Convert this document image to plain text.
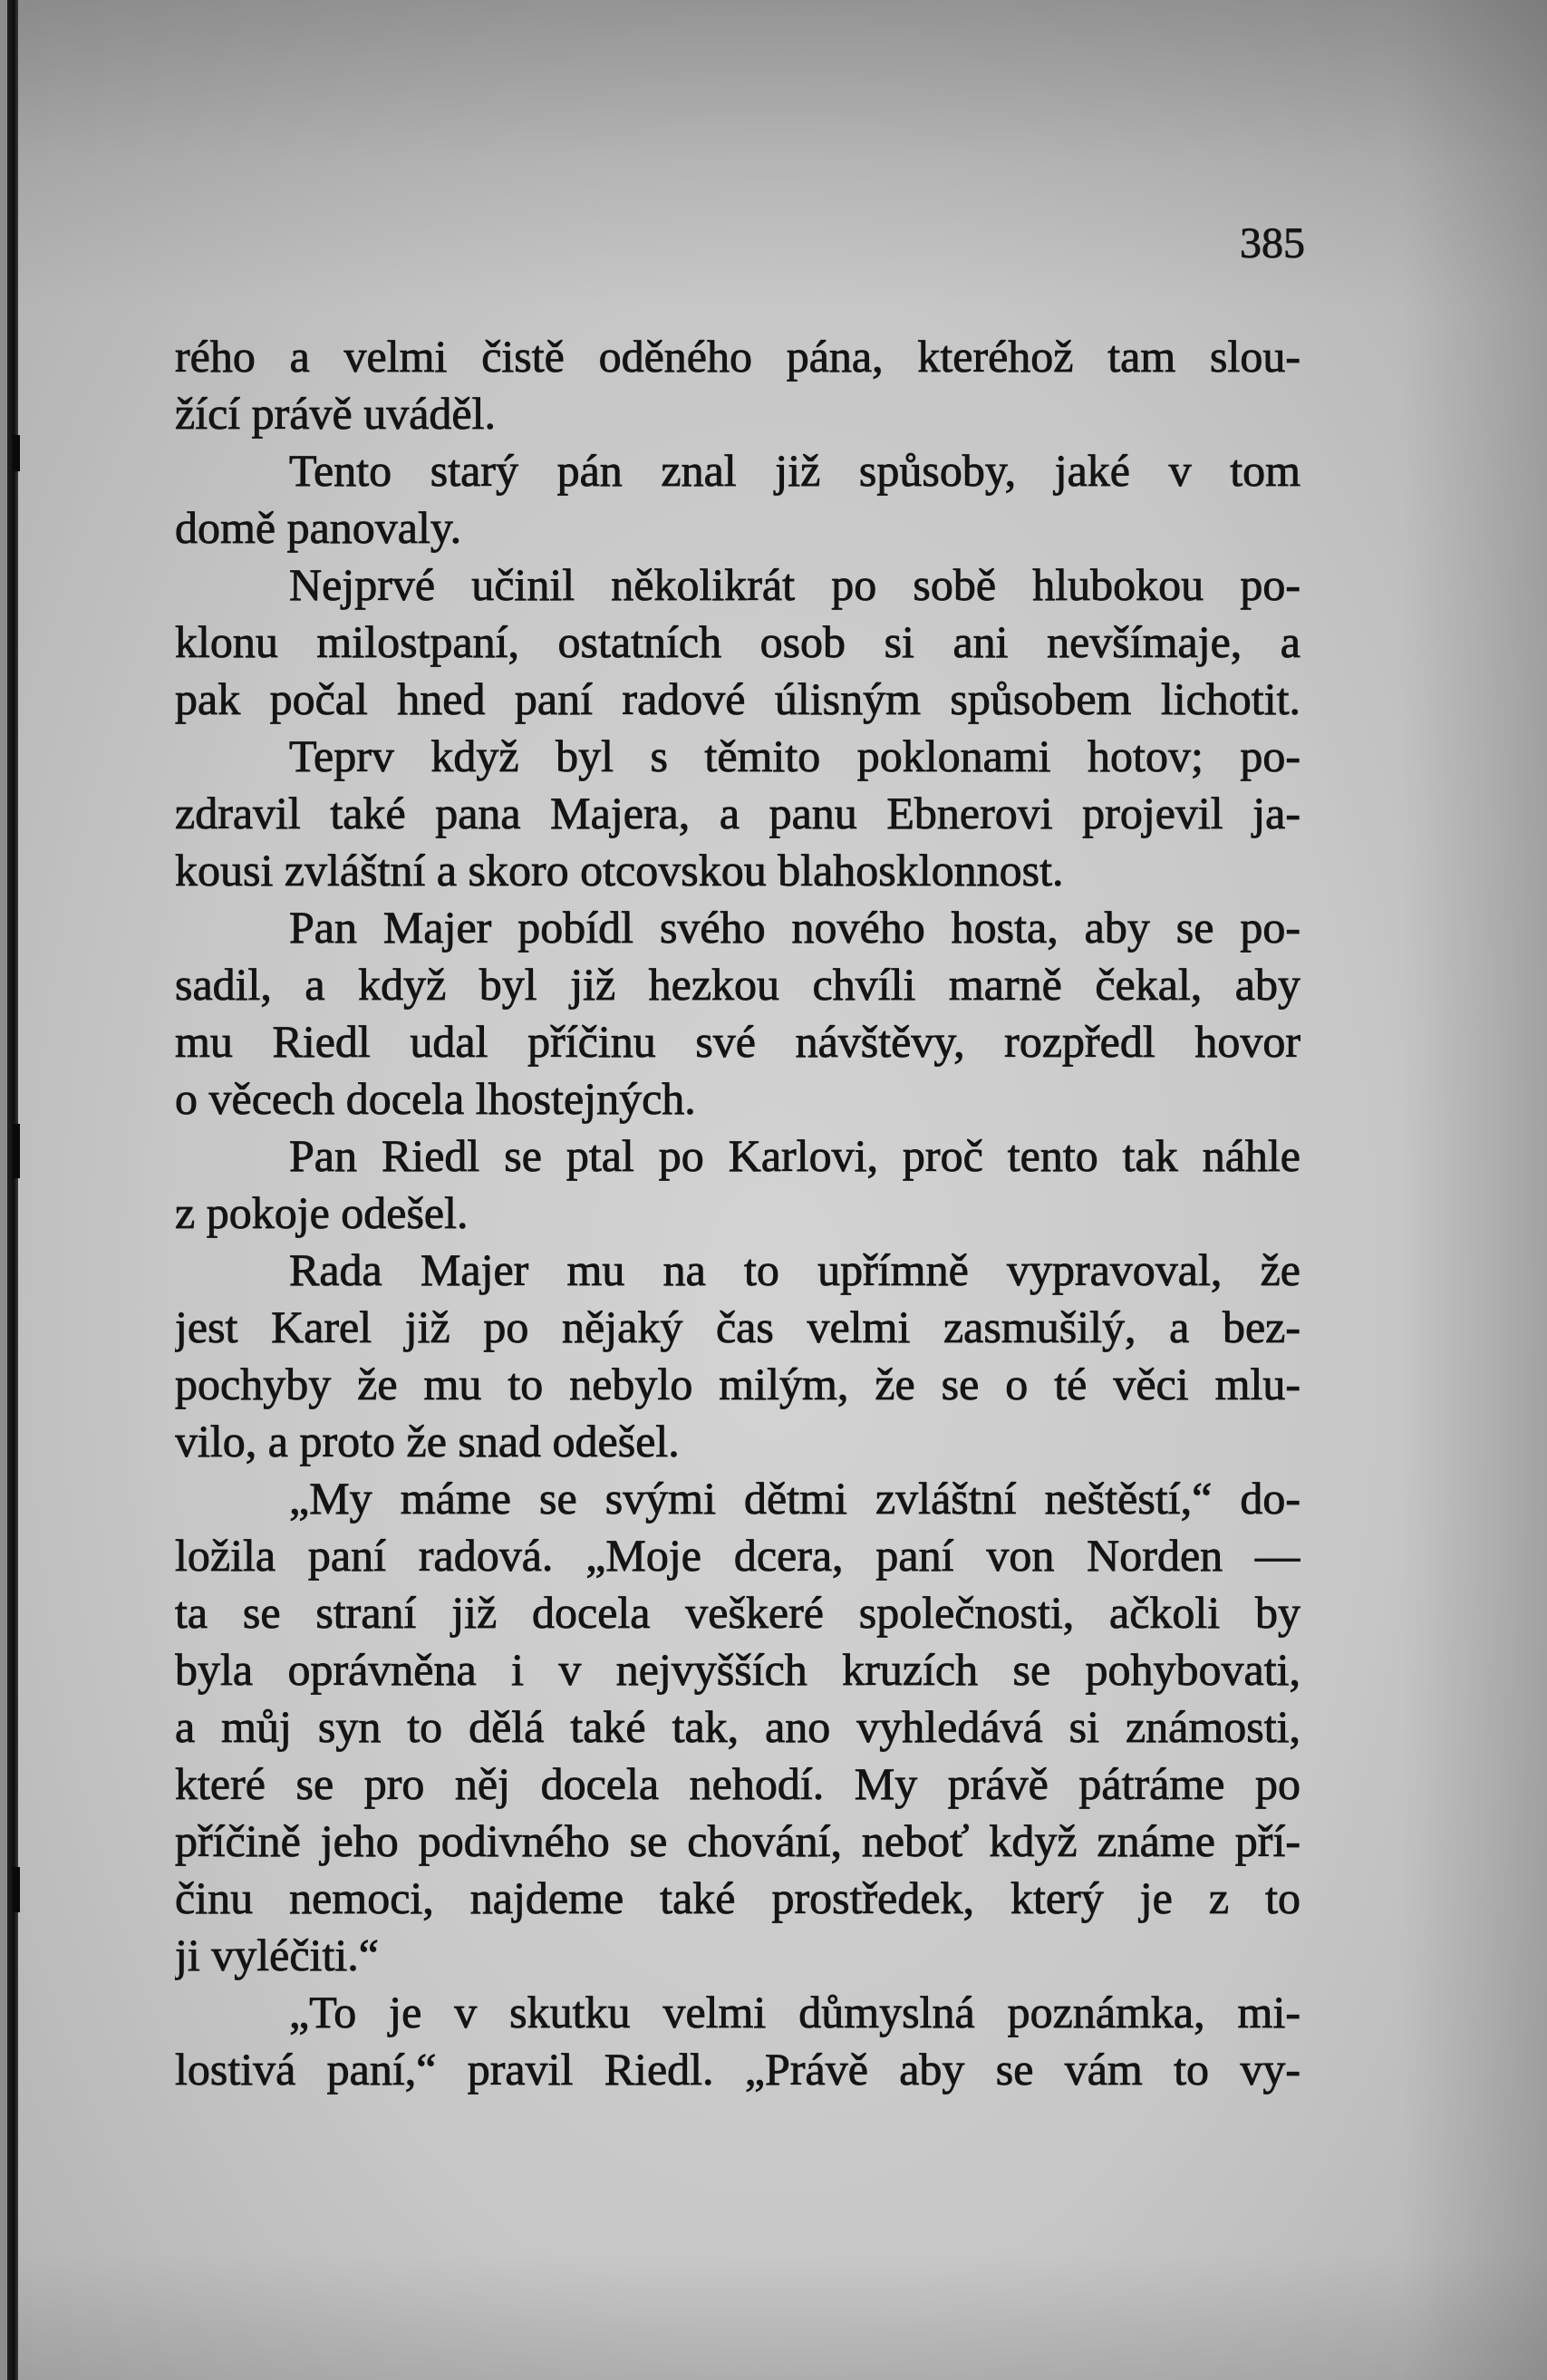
385
rého a velmi čistě oděného pána, kteréhož tam slou-
žící právě uváděl.
Tento starý pán znal již spůsoby, jaké v tom
domě panovaly.
Nejprvé učinil několikrát po sobě hlubokou po-
klonu milostpaní, ostatních osob si ani nevšímaje, a
pak počal hned paní radové úlisným spůsobem lichotit.
Teprv když byl s těmito poklonami hotov; po-
zdravil také pana Majera, a panu Ebnerovi projevil ja-
kousi zvláštní a skoro otcovskou blahosklonnost.
Pan Majer pobídl svého nového hosta, aby se po-
sadil, a když byl již hezkou chvíli marně čekal, aby
mu Riedl udal příčinu své návštěvy, rozpředl hovor
o věcech docela lhostejných.
Pan Riedl se ptal po Karlovi, proč tento tak náhle
z pokoje odešel.
Rada Majer mu na to upřímně vypravoval, že
jest Karel již po nějaký čas velmi zasmušilý, a bez-
pochyby že mu to nebylo milým, že se o té věci mlu-
vilo, a proto že snad odešel.
„My máme se svými dětmi zvláštní neštěstí,“ do-
ložila paní radová. „Moje dcera, paní von Norden —
ta se straní již docela veškeré společnosti, ačkoli by
byla oprávněna i v nejvyšších kruzích se pohybovati,
a můj syn to dělá také tak, ano vyhledává si známosti,
které se pro něj docela nehodí. My právě pátráme po
příčině jeho podivného se chování, neboť když známe pří-
činu nemoci, najdeme také prostředek, který je z to
ji vyléčiti.“
„To je v skutku velmi důmyslná poznámka, mi-
lostivá paní,“ pravil Riedl. „Právě aby se vám to vy-
